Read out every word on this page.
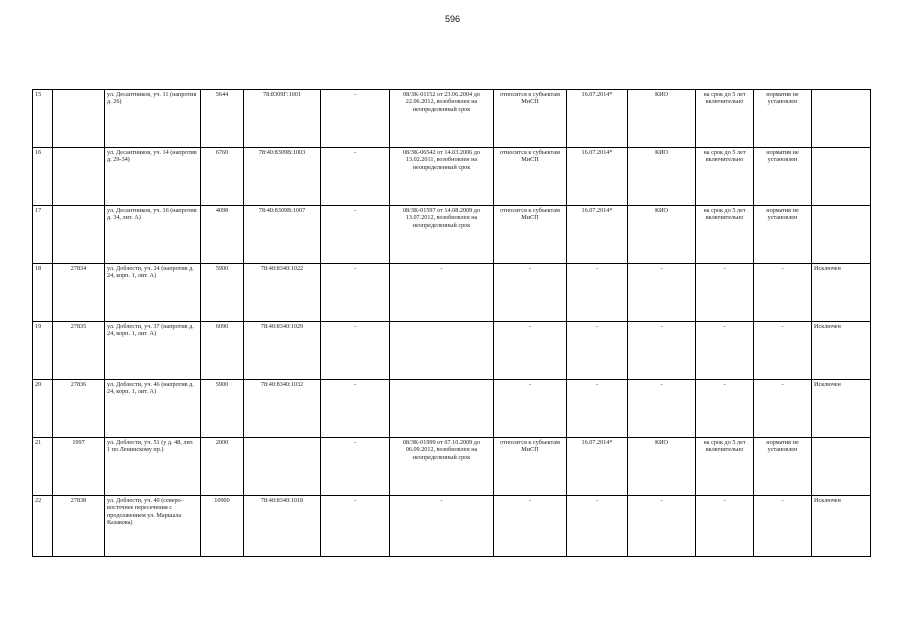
596
15		ул. Десантников, уч. 11 (напротив д. 26)	5644	78:8309Г:1001	-	08/ЗК-01152 от 23.06.2004 до 22.06.2012, возобновлен на неопределенный срок	относится к субъектам МиСП	16.07.2014*	КИО	на срок до 5 лет включительно	норматив не установлен	
16		ул. Десантников, уч. 14 (напротив д. 29-34)	6760	78:40:8309В:1003	-	08/ЗК-06542 от 14.03.2006 до 13.02.2011, возобновлен на неопределенный срок	относится к субъектам МиСП	16.07.2014*	КИО	на срок до 5 лет включительно	норматив не установлен	
17		ул. Десантников, уч. 16 (напротив д. 34, лит. А)	4098	78:40:8309В:1007	-	08/ЗК-01597 от 14.08.2009 до 13.07.2012, возобновлен на неопределенный срок	относится к субъектам МиСП	16.07.2014*	КИО	на срок до 5 лет включительно	норматив не установлен	
18	27834	ул. Доблести, уч. 24 (напротив д. 24, корп. 1, лит. А)	5900	78:40:8340:1022	-	-	-	-	-	-	-	Исключен
19	27835	ул. Доблести, уч. 37 (напротив д. 24, корп. 1, лит. А)	6090	78:40:8340:1029	-		-	-	-	-	-	Исключен
20	27836	ул. Доблести, уч. 46 (напротив д. 24, корп. 1, лит. А)	5900	78:40:8340:1032	-		-	-	-	-	-	Исключен
21	1997	ул. Доблести, уч. 51 (у д. 48, лит. 1 по Ленинскому пр.)	2000		-	08/ЗК-01999 от 07.10.2009 до 06.09.2012, возобновлен на неопределенный срок	относится к субъектам МиСП	16.07.2014*	КИО	на срок до 5 лет включительно	норматив не установлен	
22	27838	ул. Доблести, уч. 40 (северо-восточнее пересечения с продолжением ул. Маршала Казакова)	10900	78:40:8340:1018	-	-	-	-	-	-	-	Исключен
